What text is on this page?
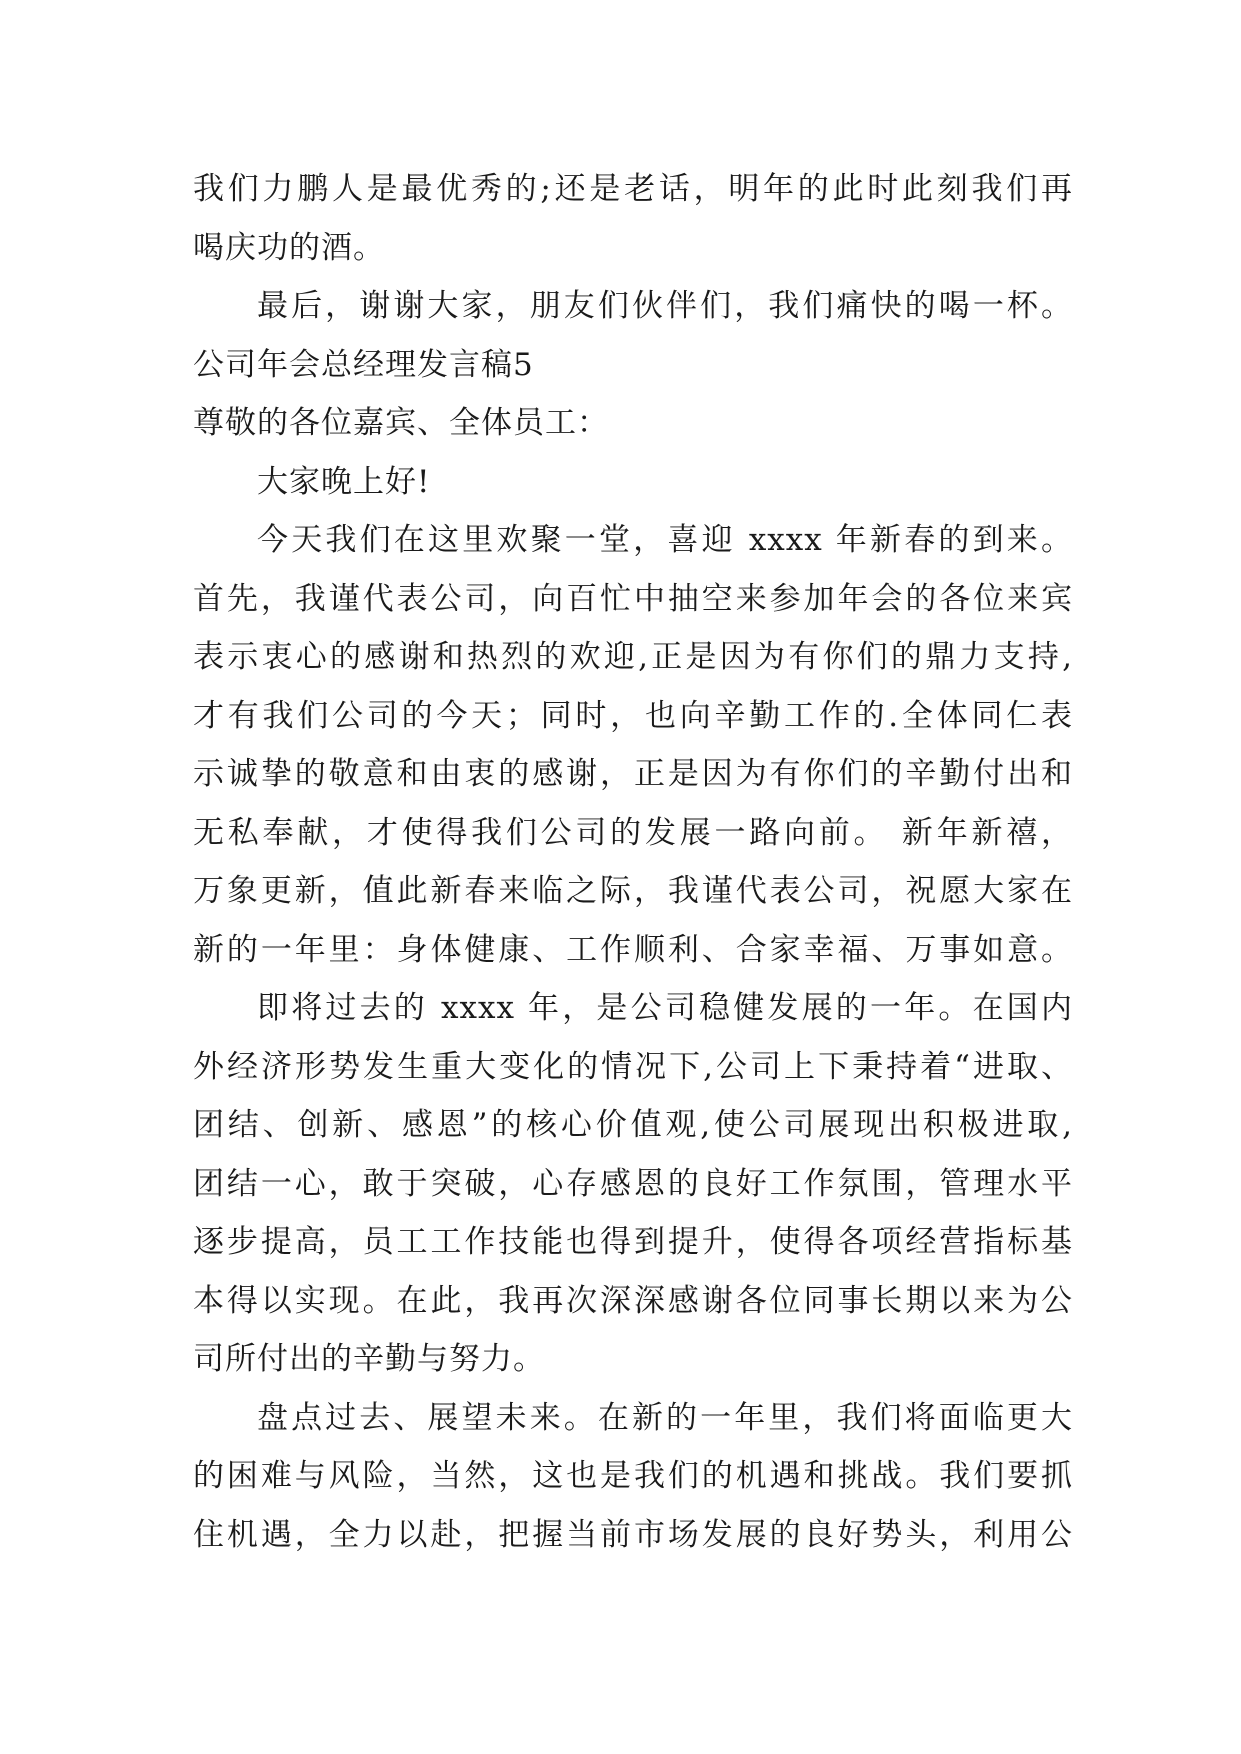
我们力鹏人是最优秀的;还是老话，明年的此时此刻我们再
喝庆功的酒。
最后，谢谢大家，朋友们伙伴们，我们痛快的喝一杯。
公司年会总经理发言稿5
尊敬的各位嘉宾、全体员工：
大家晚上好!
今天我们在这里欢聚一堂，喜迎 xxxx 年新春的到来。
首先，我谨代表公司，向百忙中抽空来参加年会的各位来宾
表示衷心的感谢和热烈的欢迎,正是因为有你们的鼎力支持,
才有我们公司的今天；同时，也向辛勤工作的.全体同仁表
示诚挚的敬意和由衷的感谢，正是因为有你们的辛勤付出和
无私奉献，才使得我们公司的发展一路向前。 新年新禧，
万象更新，值此新春来临之际，我谨代表公司，祝愿大家在
新的一年里：身体健康、工作顺利、合家幸福、万事如意。
即将过去的 xxxx 年，是公司稳健发展的一年。在国内
外经济形势发生重大变化的情况下,公司上下秉持着“进取、
团结、创新、感恩”的核心价值观,使公司展现出积极进取,
团结一心，敢于突破，心存感恩的良好工作氛围，管理水平
逐步提高，员工工作技能也得到提升，使得各项经营指标基
本得以实现。在此，我再次深深感谢各位同事长期以来为公
司所付出的辛勤与努力。
盘点过去、展望未来。在新的一年里，我们将面临更大
的困难与风险，当然，这也是我们的机遇和挑战。我们要抓
住机遇，全力以赴，把握当前市场发展的良好势头，利用公
